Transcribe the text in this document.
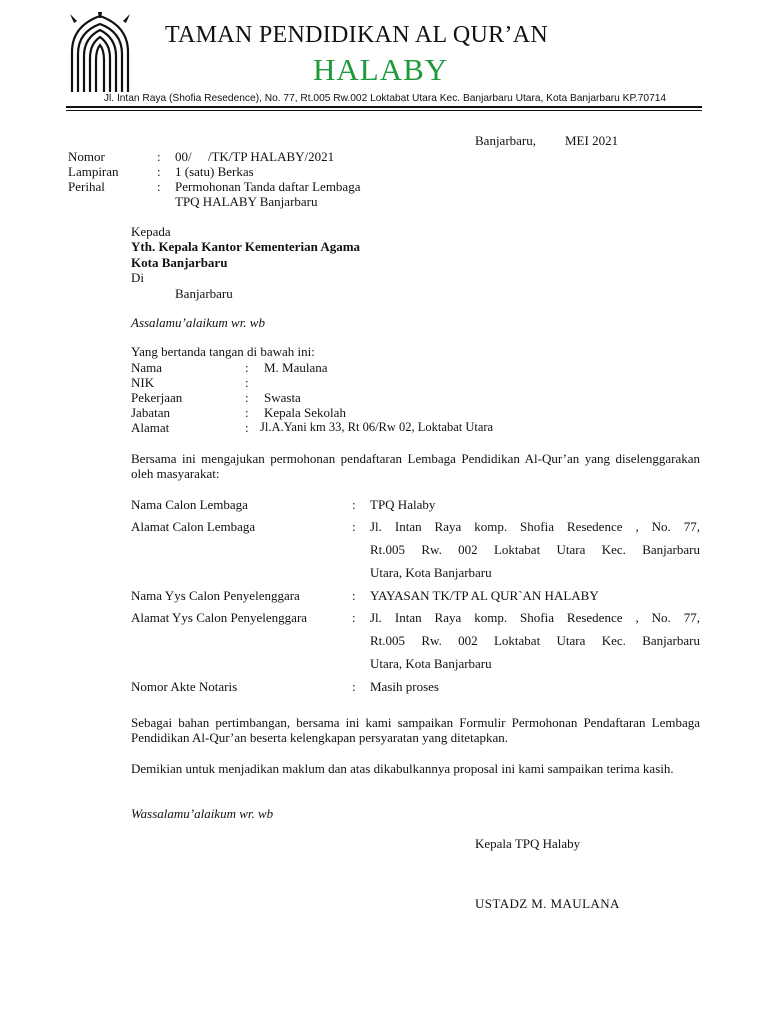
TAMAN PENDIDIKAN AL QUR’AN
HALABY
Jl. Intan Raya (Shofia Resedence), No. 77, Rt.005 Rw.002 Loktabat Utara Kec. Banjarbaru Utara, Kota Banjarbaru KP.70714
Banjarbaru, MEI 2021
Nomor	: 00/     /TK/TP HALABY/2021
Lampiran	: 1 (satu) Berkas
Perihal	: Permohonan Tanda daftar Lembaga
TPQ HALABY Banjarbaru
Kepada
Yth. Kepala Kantor Kementerian Agama
Kota Banjarbaru
Di
Banjarbaru
Assalamu’alaikum wr. wb
Yang bertanda tangan di bawah ini:
Nama	: M. Maulana
NIK	:
Pekerjaan	: Swasta
Jabatan	: Kepala Sekolah
Alamat	: Jl.A.Yani km 33, Rt 06/Rw 02, Loktabat Utara
Bersama ini mengajukan permohonan pendaftaran Lembaga Pendidikan Al-Qur’an yang diselenggarakan oleh masyarakat:
Nama Calon Lembaga	: TPQ Halaby
Alamat Calon Lembaga	: Jl. Intan Raya komp. Shofia Resedence , No. 77,
Rt.005 Rw. 002 Loktabat Utara Kec. Banjarbaru
Utara, Kota Banjarbaru
Nama Yys Calon Penyelenggara	: YAYASAN TK/TP AL QUR`AN HALABY
Alamat Yys Calon Penyelenggara	: Jl. Intan Raya komp. Shofia Resedence , No. 77,
Rt.005 Rw. 002 Loktabat Utara Kec. Banjarbaru
Utara, Kota Banjarbaru
Nomor Akte Notaris	: Masih proses
Sebagai bahan pertimbangan, bersama ini kami sampaikan Formulir Permohonan Pendaftaran Lembaga Pendidikan Al-Qur’an beserta kelengkapan persyaratan yang ditetapkan.
Demikian untuk menjadikan maklum dan atas dikabulkannya proposal ini kami sampaikan terima kasih.
Wassalamu’alaikum wr. wb
Kepala TPQ Halaby
USTADZ M. MAULANA
